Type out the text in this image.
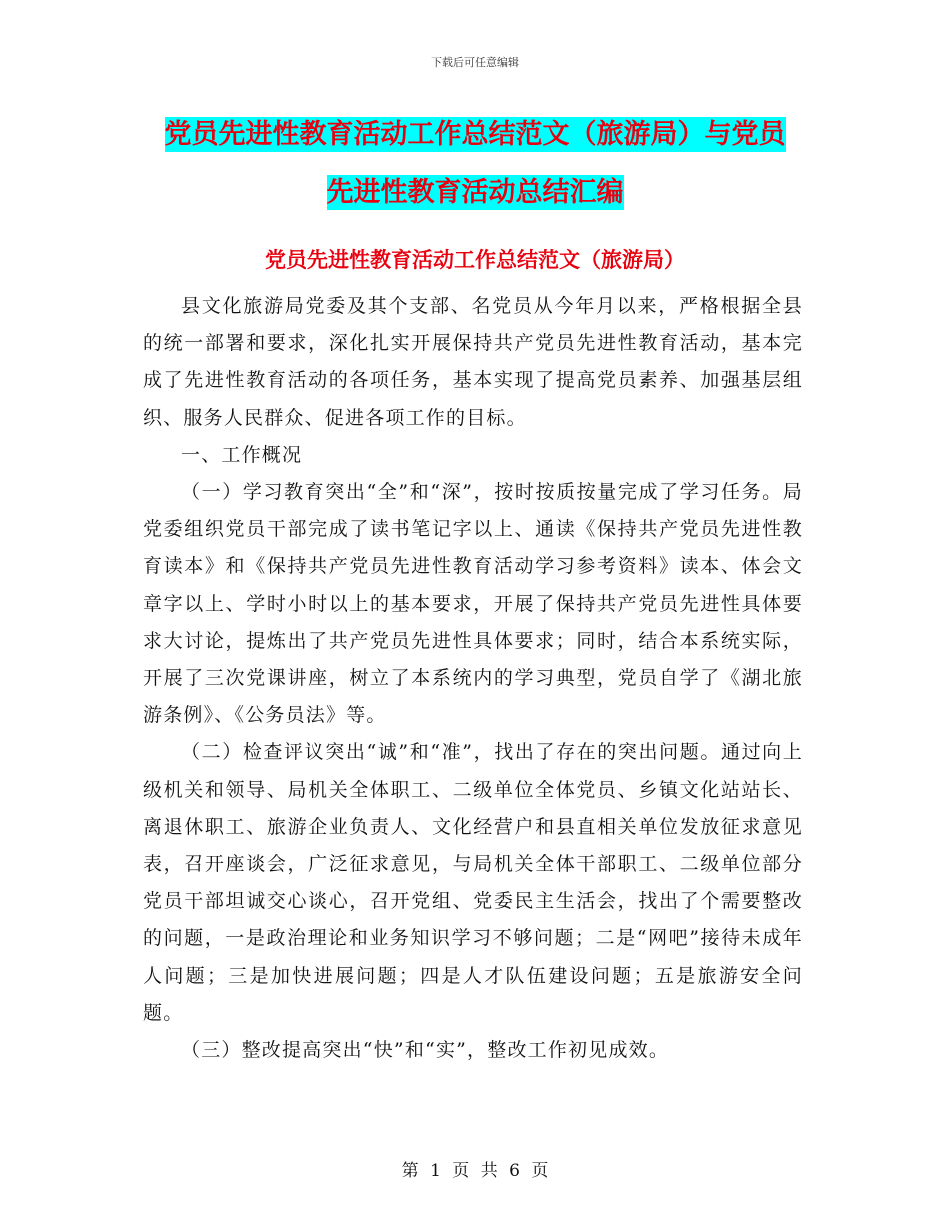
下载后可任意编辑
党员先进性教育活动工作总结范文（旅游局）与党员
先进性教育活动总结汇编
党员先进性教育活动工作总结范文（旅游局）

县文化旅游局党委及其个支部、名党员从今年月以来，严格根据全县的统一部署和要求，深化扎实开展保持共产党员先进性教育活动，基本完成了先进性教育活动的各项任务，基本实现了提高党员素养、加强基层组织、服务人民群众、促进各项工作的目标。

一、工作概况

（一）学习教育突出“全”和“深”，按时按质按量完成了学习任务。局党委组织党员干部完成了读书笔记字以上、通读《保持共产党员先进性教育读本》和《保持共产党员先进性教育活动学习参考资料》读本、体会文章字以上、学时小时以上的基本要求，开展了保持共产党员先进性具体要求大讨论，提炼出了共产党员先进性具体要求；同时，结合本系统实际，开展了三次党课讲座，树立了本系统内的学习典型，党员自学了《湖北旅游条例》、《公务员法》等。

（二）检查评议突出“诚”和“准”，找出了存在的突出问题。通过向上级机关和领导、局机关全体职工、二级单位全体党员、乡镇文化站站长、离退休职工、旅游企业负责人、文化经营户和县直相关单位发放征求意见表，召开座谈会，广泛征求意见，与局机关全体干部职工、二级单位部分党员干部坦诚交心谈心，召开党组、党委民主生活会，找出了个需要整改的问题，一是政治理论和业务知识学习不够问题；二是“网吧”接待未成年人问题；三是加快进展问题；四是人才队伍建设问题；五是旅游安全问题。

（三）整改提高突出“快”和“实”，整改工作初见成效。

第 1 页 共 6 页
